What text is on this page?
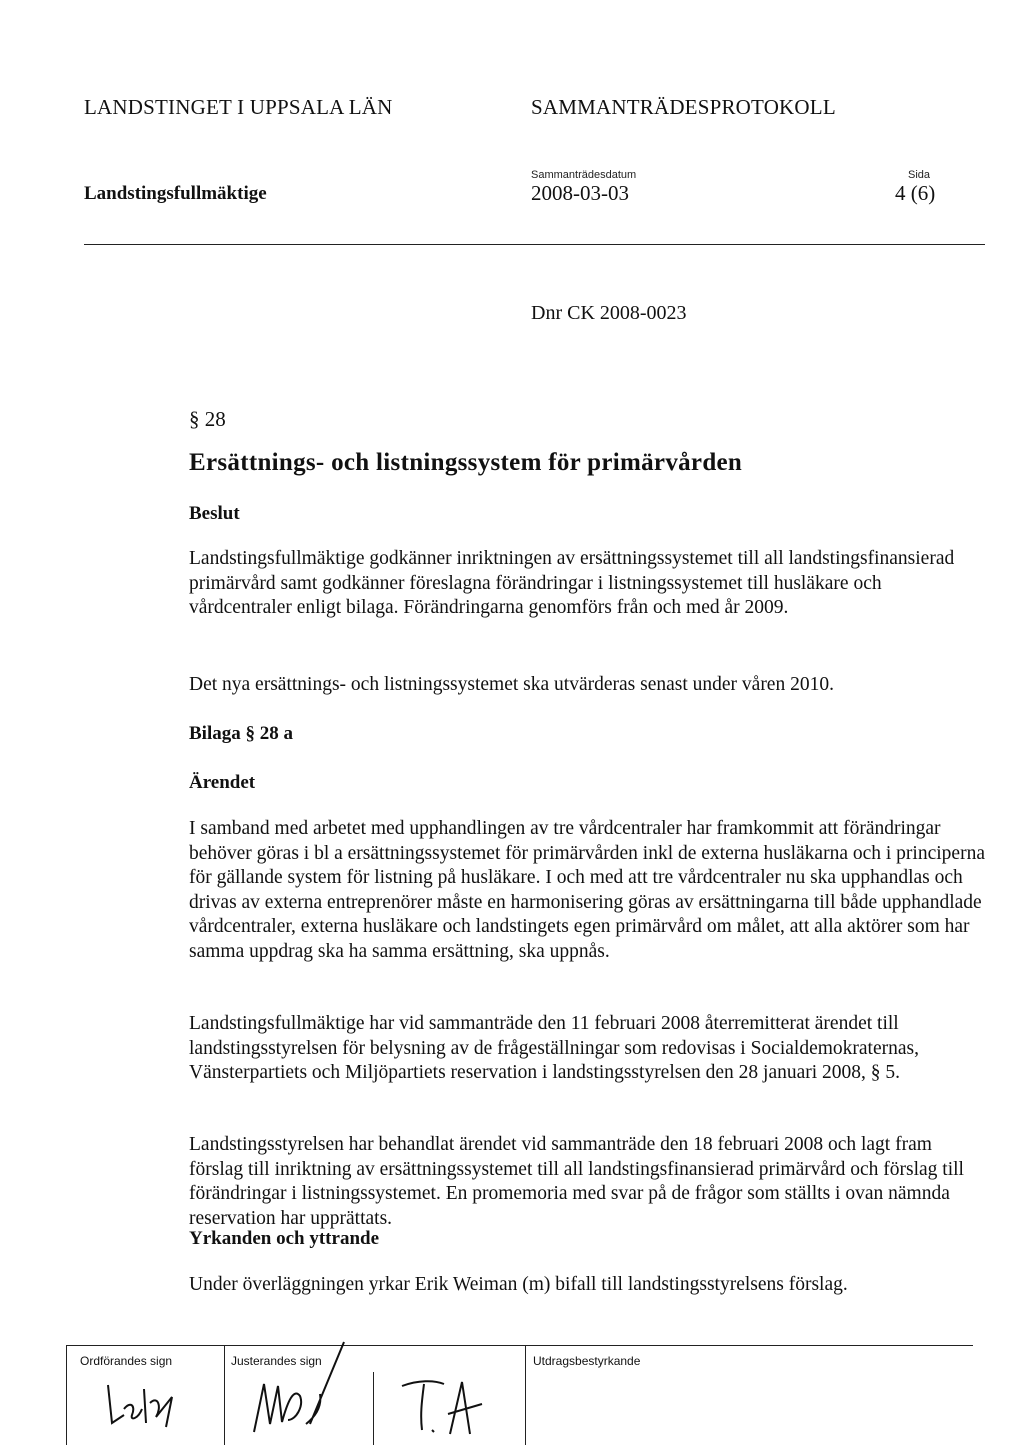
LANDSTINGET I UPPSALA LÄN	SAMMANTRÄDESPROTOKOLL
Sammanträdesdatum	Sida
Landstingsfullmäktige	2008-03-03	4 (6)
Dnr CK 2008-0023
§ 28
Ersättnings- och listningssystem för primärvården
Beslut
Landstingsfullmäktige godkänner inriktningen av ersättningssystemet till all landstingsfinansierad primärvård samt godkänner föreslagna förändringar i listningssystemet till husläkare och vårdcentraler enligt bilaga. Förändringarna genomförs från och med år 2009.
Det nya ersättnings- och listningssystemet ska utvärderas senast under våren 2010.
Bilaga § 28 a
Ärendet
I samband med arbetet med upphandlingen av tre vårdcentraler har framkommit att förändringar behöver göras i bl a ersättningssystemet för primärvården inkl de externa husläkarna och i principerna för gällande system för listning på husläkare. I och med att tre vårdcentraler nu ska upphandlas och drivas av externa entreprenörer måste en harmonisering göras av ersättningarna till både upphandlade vårdcentraler, externa husläkare och landstingets egen primärvård om målet, att alla aktörer som har samma uppdrag ska ha samma ersättning, ska uppnås.
Landstingsfullmäktige har vid sammanträde den 11 februari 2008 återremitterat ärendet till landstingsstyrelsen för belysning av de frågeställningar som redovisas i Socialdemokraternas, Vänsterpartiets och Miljöpartiets reservation i landstingsstyrelsen den 28 januari 2008, § 5.
Landstingsstyrelsen har behandlat ärendet vid sammanträde den 18 februari 2008 och lagt fram förslag till inriktning av ersättningssystemet till all landstingsfinansierad primärvård och förslag till förändringar i listningssystemet. En promemoria med svar på de frågor som ställts i ovan nämnda reservation har upprättats.
Yrkanden och yttrande
Under överläggningen yrkar Erik Weiman (m) bifall till landstingsstyrelsens förslag.
Ordförandes sign	Justerandes sign	Utdragsbestyrkande
